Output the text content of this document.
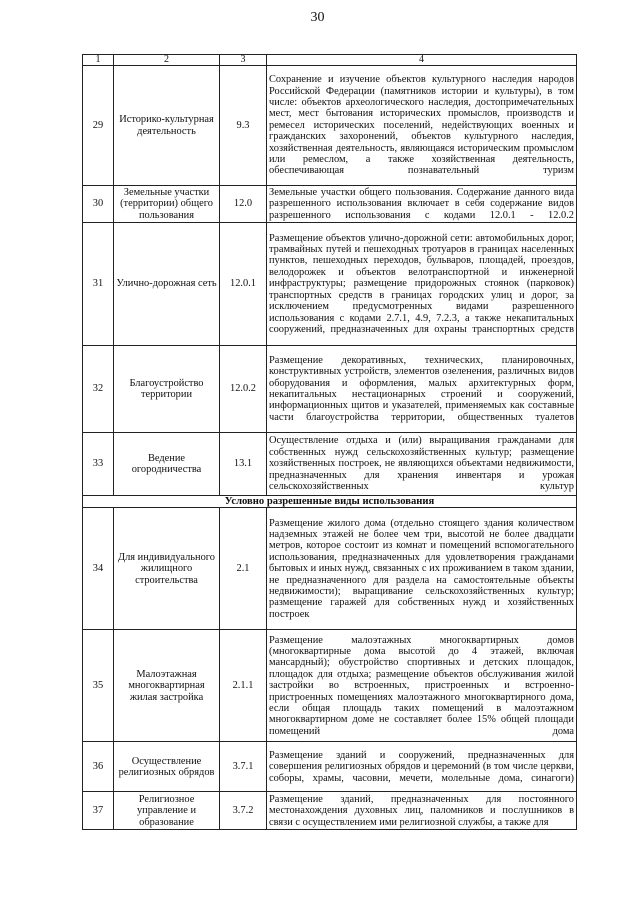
30
1	2	3	4
29	Историко-культурная деятельность	9.3	Сохранение и изучение объектов культурного наследия народов Российской Федерации (памятников истории и культуры), в том числе: объектов археологического наследия, достопримечательных мест, мест бытования исторических промыслов, производств и ремесел исторических поселений, недействующих военных и гражданских захоронений, объектов культурного наследия, хозяйственная деятельность, являющаяся историческим промыслом или ремеслом, а также хозяйственная деятельность, обеспечивающая познавательный туризм
30	Земельные участки (территории) общего пользования	12.0	Земельные участки общего пользования. Содержание данного вида разрешенного использования включает в себя содержание видов разрешенного использования с кодами 12.0.1 - 12.0.2
31	Улично-дорожная сеть	12.0.1	Размещение объектов улично-дорожной сети: автомобильных дорог, трамвайных путей и пешеходных тротуаров в границах населенных пунктов, пешеходных переходов, бульваров, площадей, проездов, велодорожек и объектов велотранспортной и инженерной инфраструктуры; размещение придорожных стоянок (парковок) транспортных средств в границах городских улиц и дорог, за исключением предусмотренных видами разрешенного использования с кодами 2.7.1, 4.9, 7.2.3, а также некапитальных сооружений, предназначенных для охраны транспортных средств
32	Благоустройство территории	12.0.2	Размещение декоративных, технических, планировочных, конструктивных устройств, элементов озеленения, различных видов оборудования и оформления, малых архитектурных форм, некапитальных нестационарных строений и сооружений, информационных щитов и указателей, применяемых как составные части благоустройства территории, общественных туалетов
33	Ведение огородничества	13.1	Осуществление отдыха и (или) выращивания гражданами для собственных нужд сельскохозяйственных культур; размещение хозяйственных построек, не являющихся объектами недвижимости, предназначенных для хранения инвентаря и урожая сельскохозяйственных культур
Условно разрешенные виды использования			
34	Для индивидуального жилищного строительства	2.1	Размещение жилого дома (отдельно стоящего здания количеством надземных этажей не более чем три, высотой не более двадцати метров, которое состоит из комнат и помещений вспомогательного использования, предназначенных для удовлетворения гражданами бытовых и иных нужд, связанных с их проживанием в таком здании, не предназначенного для раздела на самостоятельные объекты недвижимости); выращивание сельскохозяйственных культур; размещение гаражей для собственных нужд и хозяйственных построек
35	Малоэтажная многоквартирная жилая застройка	2.1.1	Размещение малоэтажных многоквартирных домов (многоквартирные дома высотой до 4 этажей, включая мансардный); обустройство спортивных и детских площадок, площадок для отдыха; размещение объектов обслуживания жилой застройки во встроенных, пристроенных и встроенно-пристроенных помещениях малоэтажного многоквартирного дома, если общая площадь таких помещений в малоэтажном многоквартирном доме не составляет более 15% общей площади помещений дома
36	Осуществление религиозных обрядов	3.7.1	Размещение зданий и сооружений, предназначенных для совершения религиозных обрядов и церемоний (в том числе церкви, соборы, храмы, часовни, мечети, молельные дома, синагоги)
37	Религиозное управление и образование	3.7.2	Размещение зданий, предназначенных для постоянного местонахождения духовных лиц, паломников и послушников в связи с осуществлением ими религиозной службы, а также для
